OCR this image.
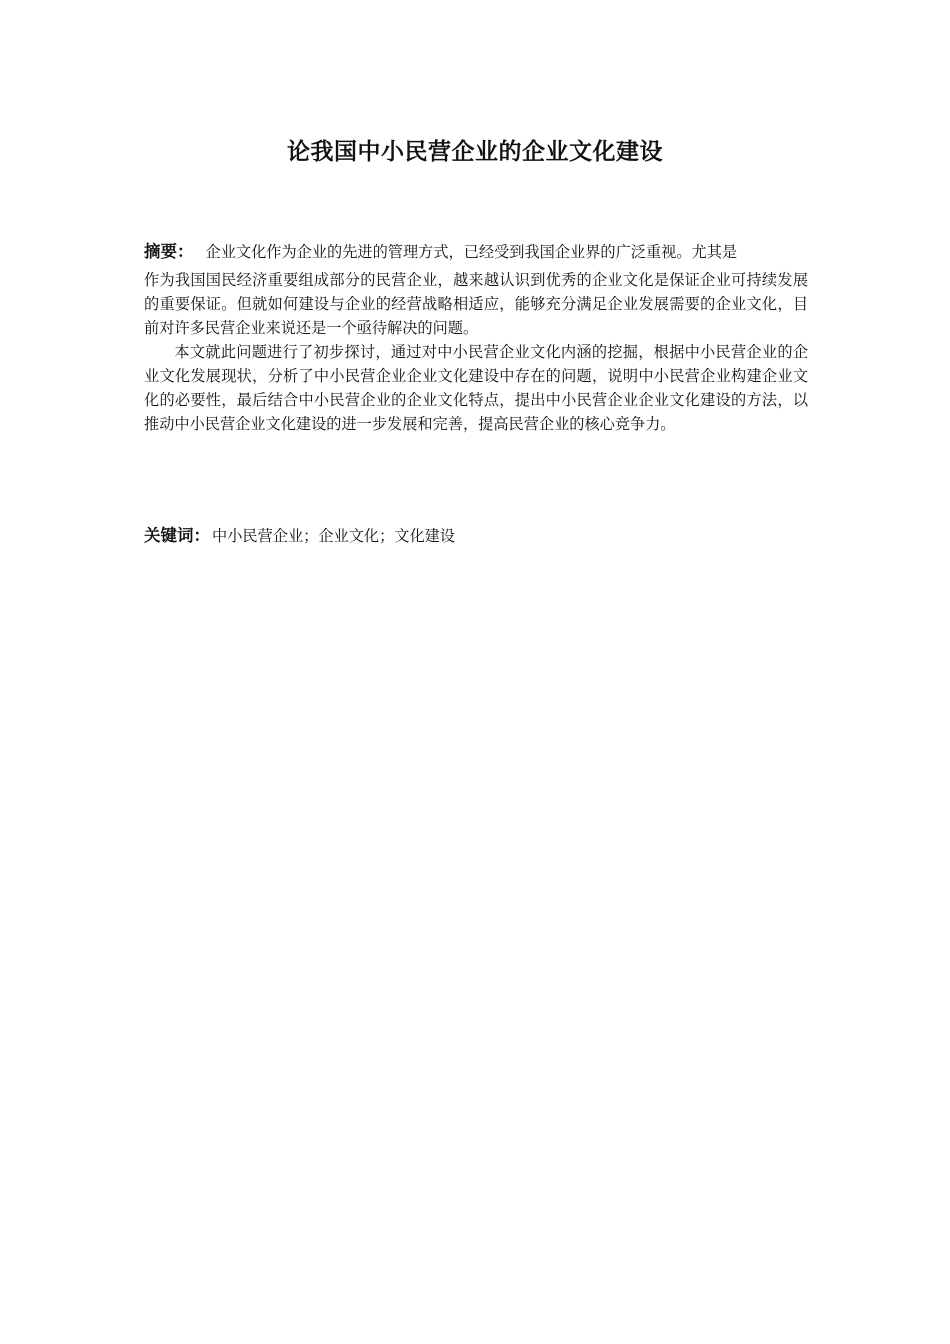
论我国中小民营企业的企业文化建设

摘要： 企业文化作为企业的先进的管理方式，已经受到我国企业界的广泛重视。尤其是

作为我国国民经济重要组成部分的民营企业，越来越认识到优秀的企业文化是保证企业可持续发展的重要保证。但就如何建设与企业的经营战略相适应，能够充分满足企业发展需要的企业文化，目前对许多民营企业来说还是一个亟待解决的问题。

本文就此问题进行了初步探讨，通过对中小民营企业文化内涵的挖掘，根据中小民营企业的企业文化发展现状，分析了中小民营企业企业文化建设中存在的问题，说明中小民营企业构建企业文化的必要性，最后结合中小民营企业的企业文化特点，提出中小民营企业企业文化建设的方法，以推动中小民营企业文化建设的进一步发展和完善，提高民营企业的核心竞争力。

关键词： 中小民营企业；企业文化；文化建设
